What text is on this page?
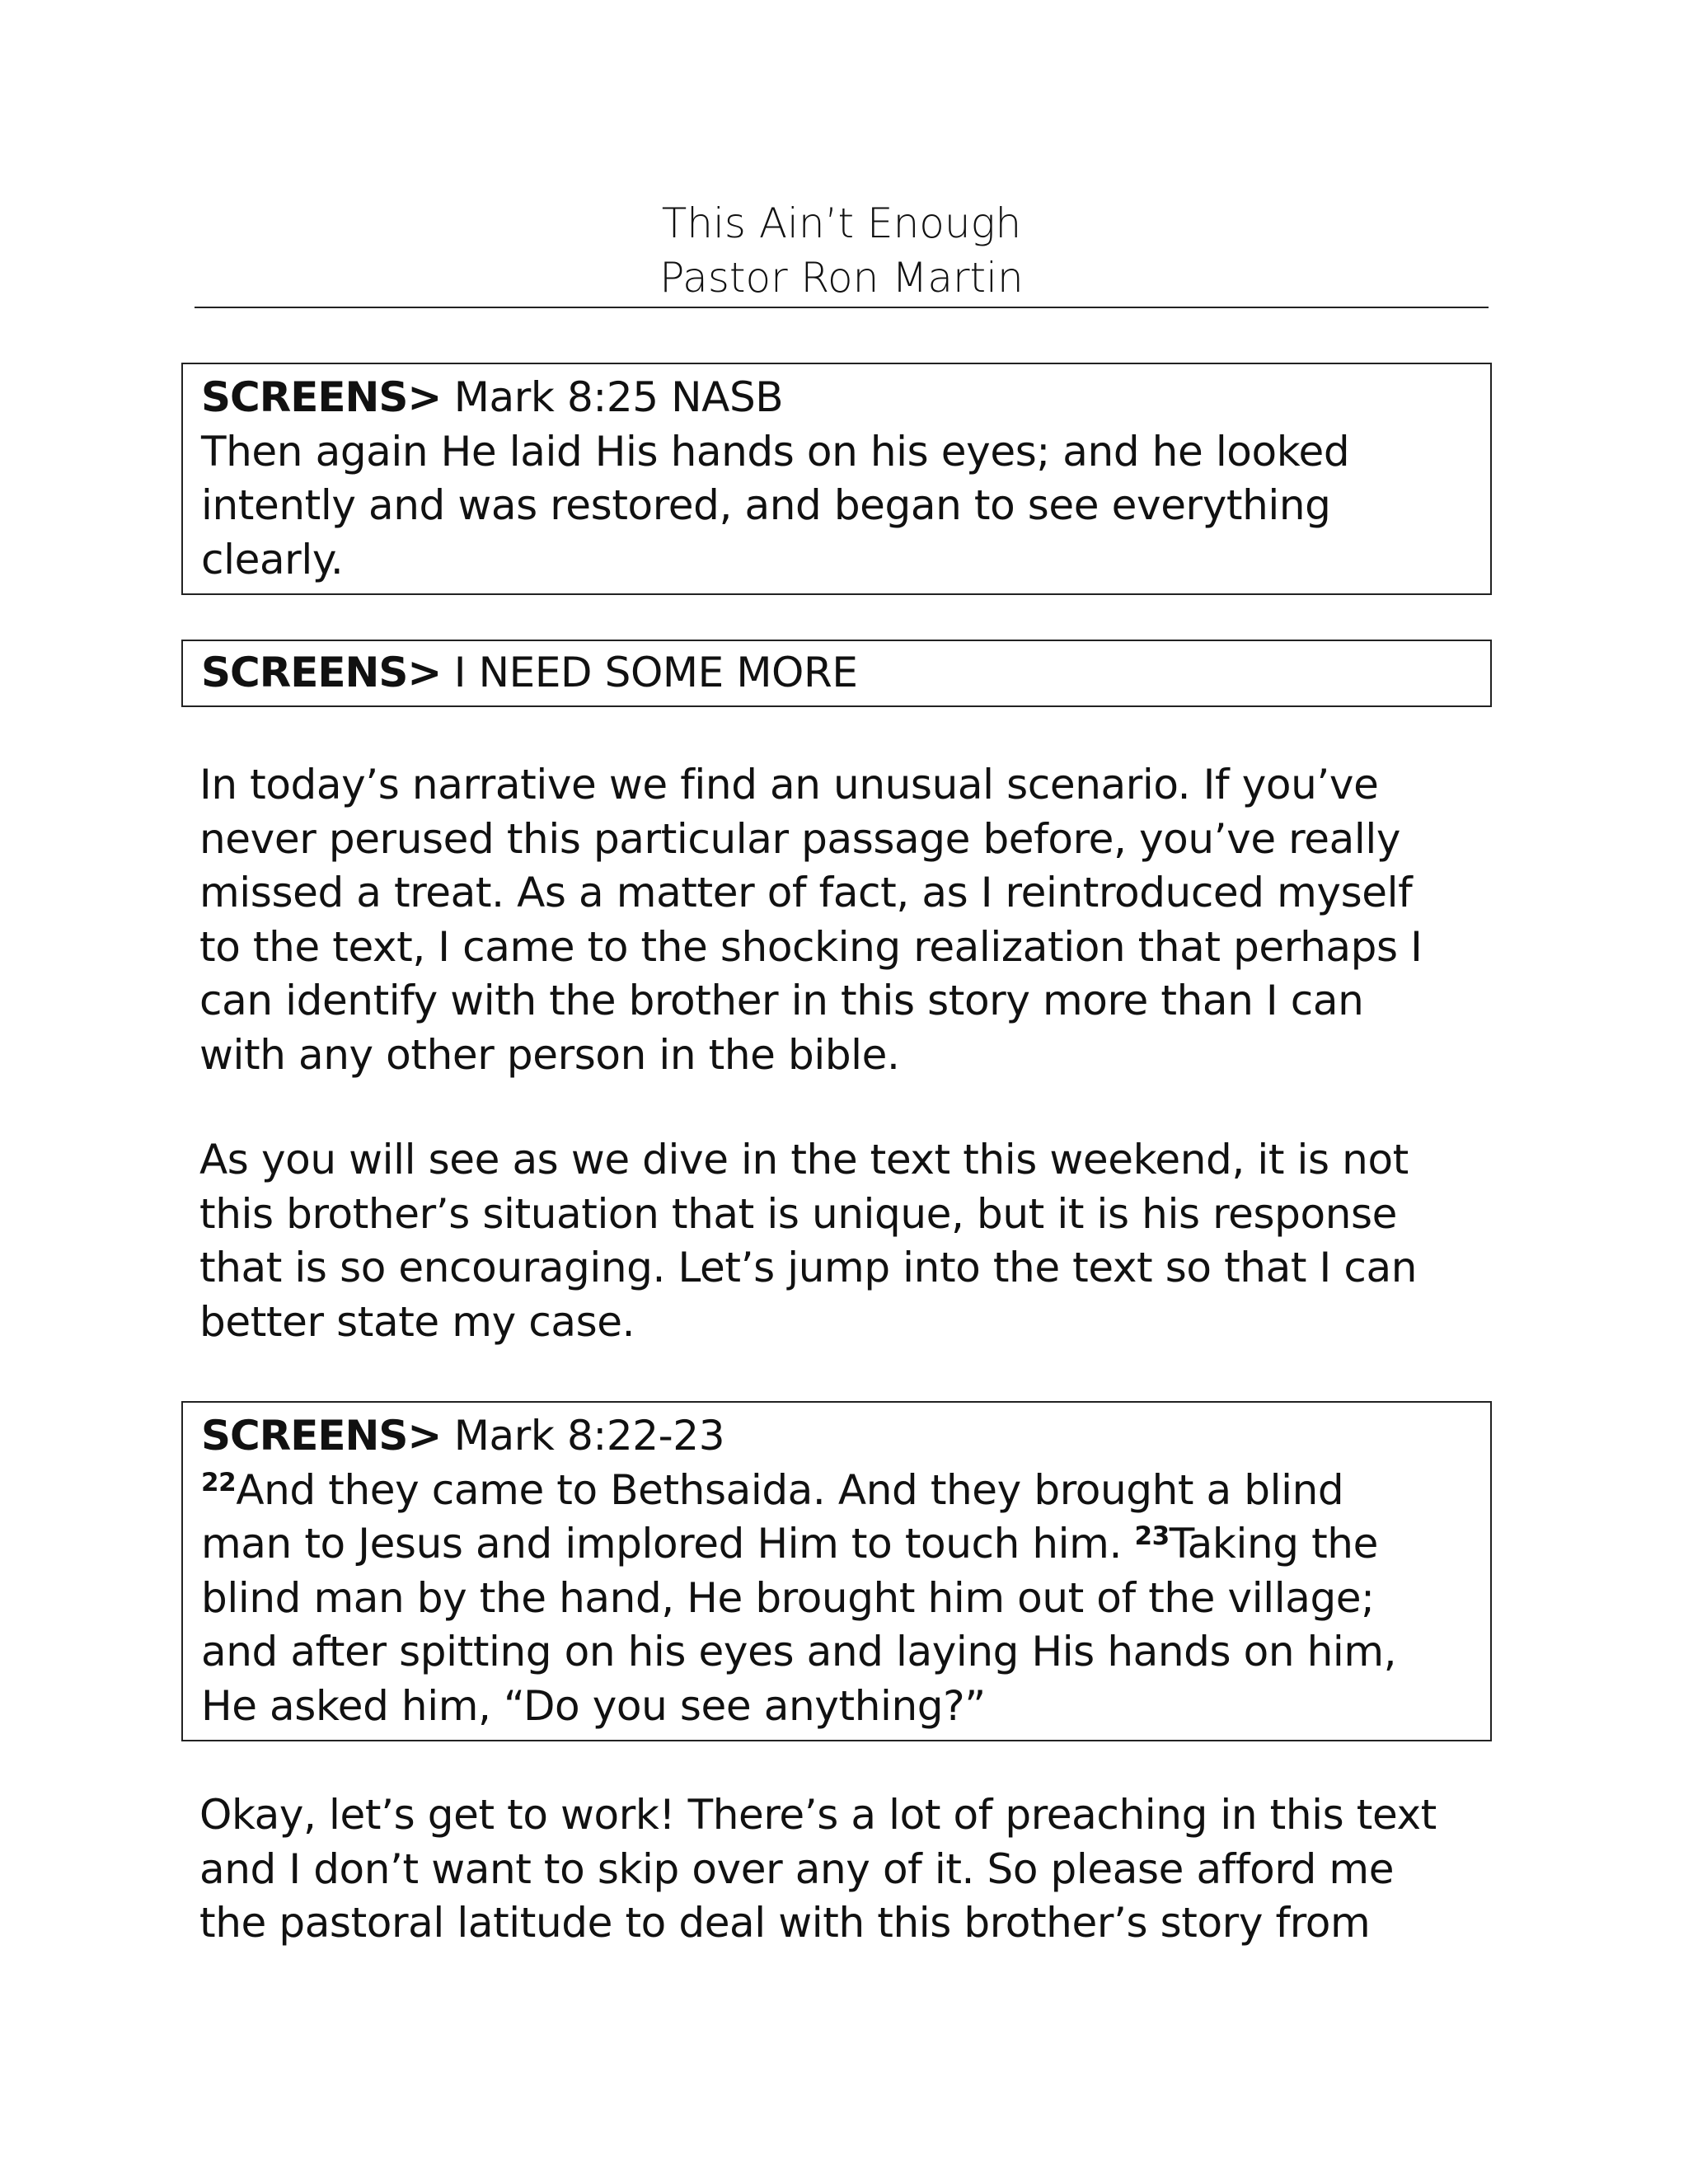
This Ain’t Enough
Pastor Ron Martin
SCREENS> Mark 8:25 NASB
Then again He laid His hands on his eyes; and he looked
intently and was restored, and began to see everything
clearly.
SCREENS> I NEED SOME MORE

In today’s narrative we find an unusual scenario. If you’ve
never perused this particular passage before, you’ve really
missed a treat. As a matter of fact, as I reintroduced myself
to the text, I came to the shocking realization that perhaps I
can identify with the brother in this story more than I can
with any other person in the bible.

As you will see as we dive in the text this weekend, it is not
this brother’s situation that is unique, but it is his response
that is so encouraging. Let’s jump into the text so that I can
better state my case.

SCREENS> Mark 8:22-23
$^{22}$And they came to Bethsaida. And they brought a blind
man to Jesus and implored Him to touch him. $^{23}$Taking the
blind man by the hand, He brought him out of the village;
and after spitting on his eyes and laying His hands on him,
He asked him, “Do you see anything?”

Okay, let’s get to work! There’s a lot of preaching in this text
and I don’t want to skip over any of it. So please afford me
the pastoral latitude to deal with this brother’s story from
